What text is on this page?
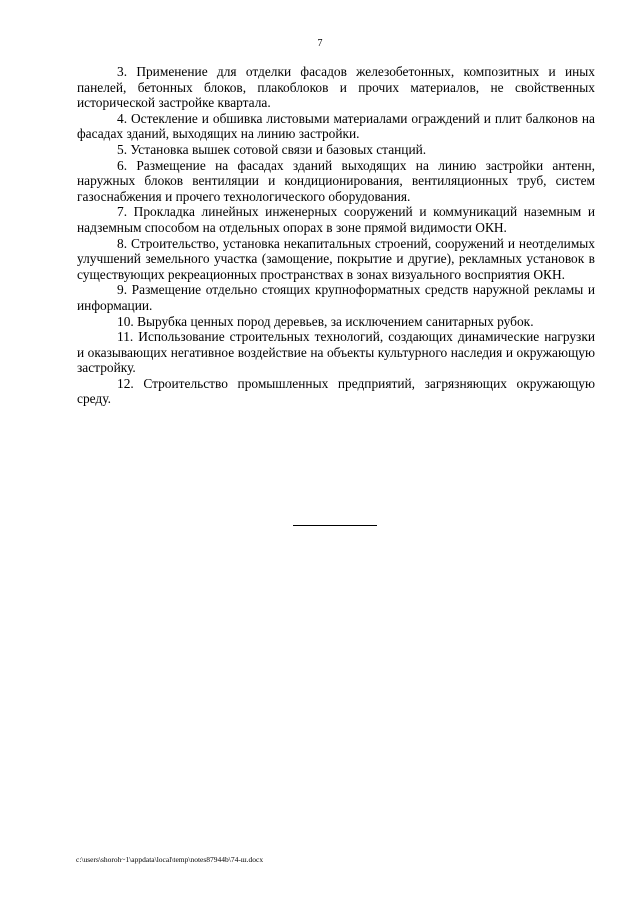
7

3. Применение для отделки фасадов железобетонных, композитных и иных панелей, бетонных блоков, плакоблоков и прочих материалов, не свойственных исторической застройке квартала.

4. Остекление и обшивка листовыми материалами ограждений и плит балконов на фасадах зданий, выходящих на линию застройки.

5. Установка вышек сотовой связи и базовых станций.

6. Размещение на фасадах зданий выходящих на линию застройки антенн, наружных блоков вентиляции и кондиционирования, вентиляционных труб, систем газоснабжения и прочего технологического оборудования.

7. Прокладка линейных инженерных сооружений и коммуникаций наземным и надземным способом на отдельных опорах в зоне прямой видимости ОКН.

8. Строительство, установка некапитальных строений, сооружений и неотделимых улучшений земельного участка (замощение, покрытие и другие), рекламных установок в существующих рекреационных пространствах в зонах визуального восприятия ОКН.

9. Размещение отдельно стоящих крупноформатных средств наружной рекламы и информации.

10. Вырубка ценных пород деревьев, за исключением санитарных рубок.

11. Использование строительных технологий, создающих динамические нагрузки и оказывающих негативное воздействие на объекты культурного наследия и окружающую застройку.

12. Строительство промышленных предприятий, загрязняющих окружающую среду.

c:\users\shoroh~1\appdata\local\temp\notes87944b\74-ш.docx
